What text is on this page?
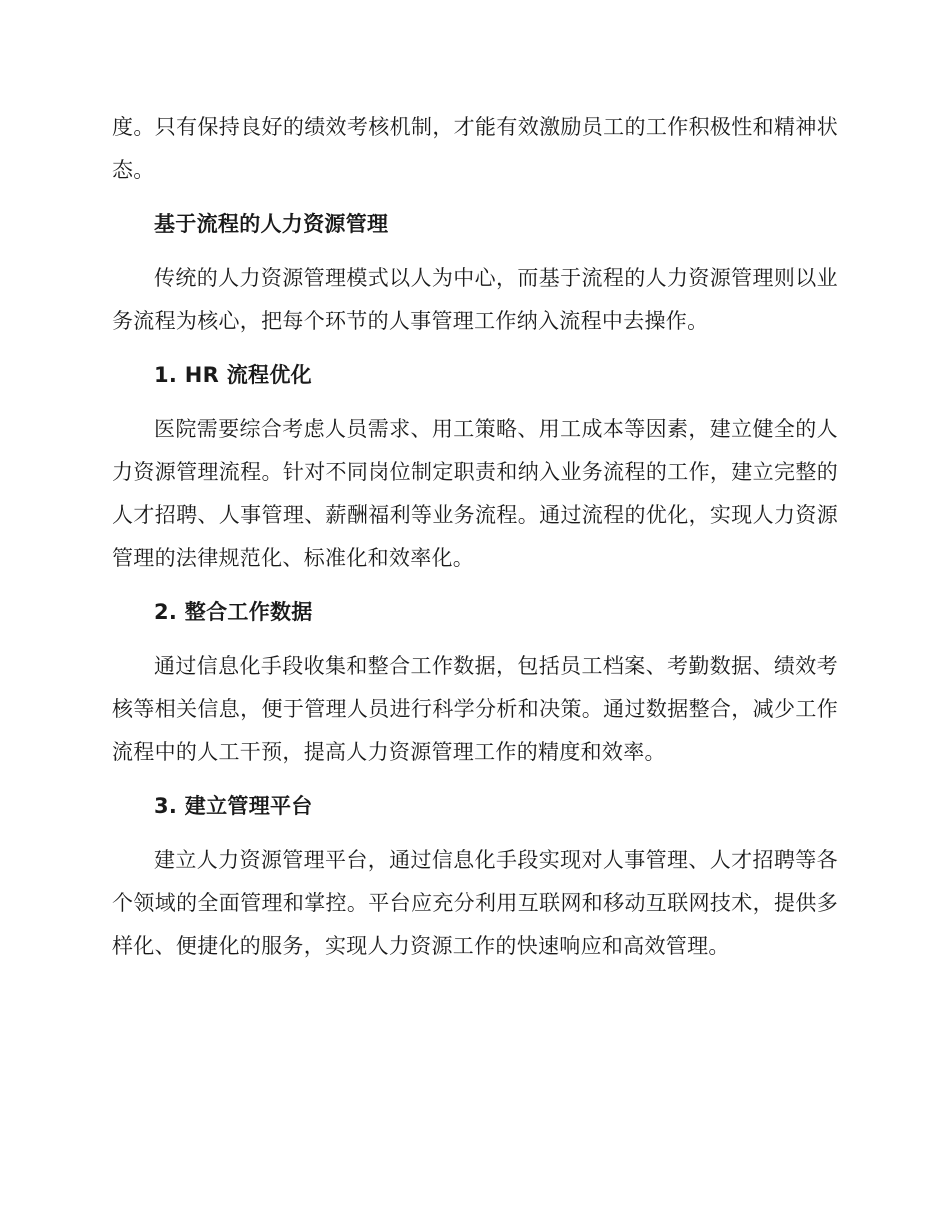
度。只有保持良好的绩效考核机制，才能有效激励员工的工作积极性和精神状态。

基于流程的人力资源管理

传统的人力资源管理模式以人为中心，而基于流程的人力资源管理则以业务流程为核心，把每个环节的人事管理工作纳入流程中去操作。

1. HR 流程优化

医院需要综合考虑人员需求、用工策略、用工成本等因素，建立健全的人力资源管理流程。针对不同岗位制定职责和纳入业务流程的工作，建立完整的人才招聘、人事管理、薪酬福利等业务流程。通过流程的优化，实现人力资源管理的法律规范化、标准化和效率化。

2. 整合工作数据

通过信息化手段收集和整合工作数据，包括员工档案、考勤数据、绩效考核等相关信息，便于管理人员进行科学分析和决策。通过数据整合，减少工作流程中的人工干预，提高人力资源管理工作的精度和效率。

3. 建立管理平台

建立人力资源管理平台，通过信息化手段实现对人事管理、人才招聘等各个领域的全面管理和掌控。平台应充分利用互联网和移动互联网技术，提供多样化、便捷化的服务，实现人力资源工作的快速响应和高效管理。
